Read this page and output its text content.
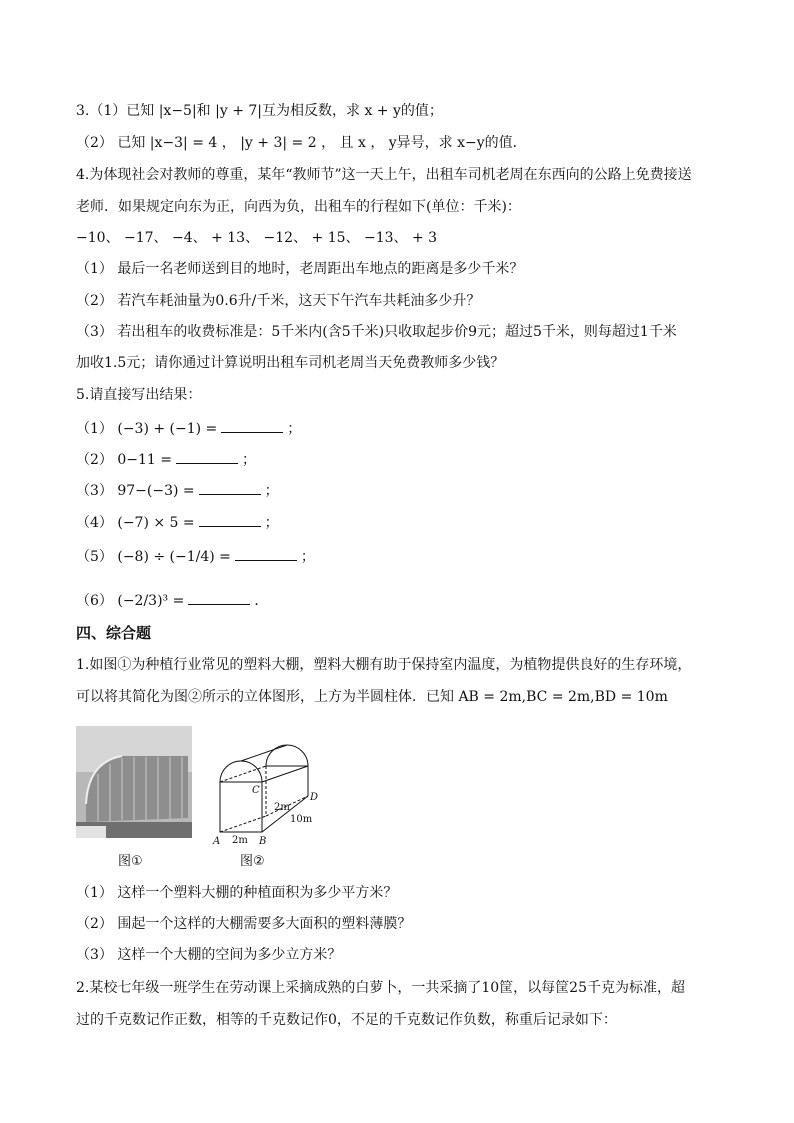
3.（1）已知 |x−5|和 |y + 7|互为相反数，求 x + y的值；
（2） 已知 |x−3| = 4 ， |y + 3| = 2 ， 且 x ， y异号，求 x−y的值．
4.为体现社会对教师的尊重，某年“教师节”这一天上午，出租车司机老周在东西向的公路上免费接送
老师．如果规定向东为正，向西为负，出租车的行程如下(单位：千米)：
−10、 −17、 −4、 + 13、 −12、 + 15、 −13、 + 3
（1） 最后一名老师送到目的地时，老周距出车地点的距离是多少千米？
（2） 若汽车耗油量为0.6升/千米，这天下午汽车共耗油多少升？
（3） 若出租车的收费标准是：5千米内(含5千米)只收取起步价9元；超过5千米，则每超过1千米
加收1.5元；请你通过计算说明出租车司机老周当天免费教师多少钱？
5.请直接写出结果：
（1） (−3) + (−1) =	；
（2） 0−11 =	；
（3） 97−(−3) =	；
（4） (−7) × 5 =	；
（5） (−8) ÷ (−1/4) =	；
（6） (−2/3)³ =	．
四、综合题
1.如图①为种植行业常见的塑料大棚，塑料大棚有助于保持室内温度，为植物提供良好的生存环境，
可以将其简化为图②所示的立体图形，上方为半圆柱体．已知 AB = 2m,BC = 2m,BD = 10m
图①
A	B
C
D
2m
2m
10m
图②
（1） 这样一个塑料大棚的种植面积为多少平方米？
（2） 围起一个这样的大棚需要多大面积的塑料薄膜？
（3） 这样一个大棚的空间为多少立方米？
2.某校七年级一班学生在劳动课上采摘成熟的白萝卜，一共采摘了10筐，以每筐25千克为标准，超
过的千克数记作正数，相等的千克数记作0，不足的千克数记作负数，称重后记录如下：
